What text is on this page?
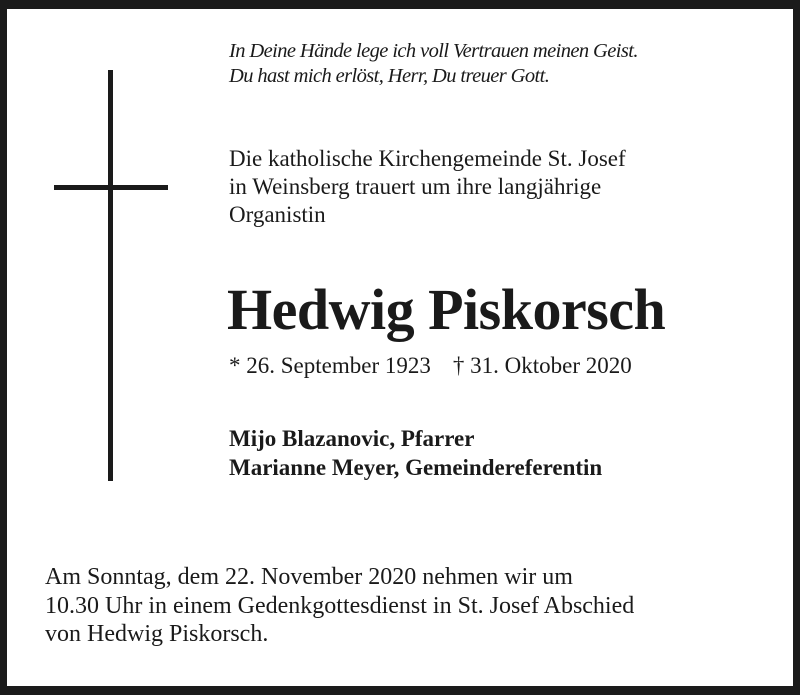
In Deine Hände lege ich voll Vertrauen meinen Geist.
Du hast mich erlöst, Herr, Du treuer Gott.

Die katholische Kirchengemeinde St. Josef
in Weinsberg trauert um ihre langjährige
Organistin

Hedwig Piskorsch

* 26. September 1923 † 31. Oktober 2020

Mijo Blazanovic, Pfarrer
Marianne Meyer, Gemeindereferentin

Am Sonntag, dem 22. November 2020 nehmen wir um
10.30 Uhr in einem Gedenkgottesdienst in St. Josef Abschied
von Hedwig Piskorsch.
